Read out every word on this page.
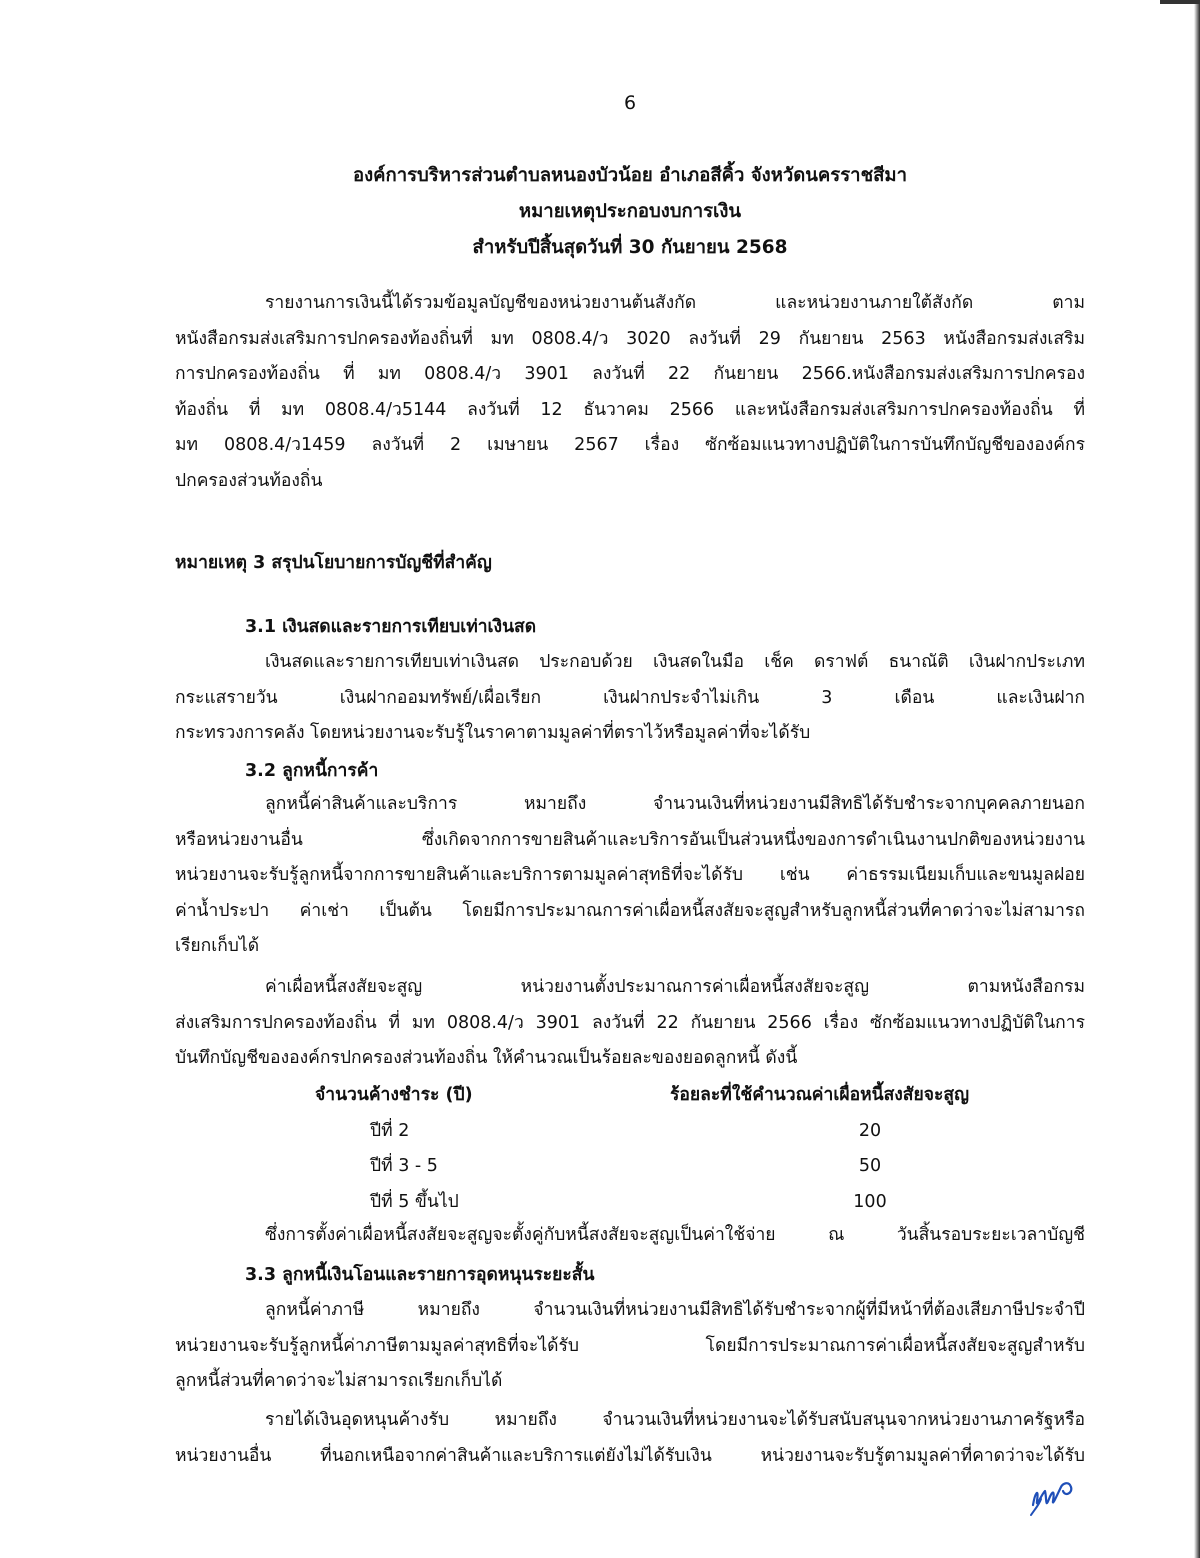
6
องค์การบริหารส่วนตำบลหนองบัวน้อย อำเภอสีคิ้ว จังหวัดนครราชสีมา
หมายเหตุประกอบงบการเงิน
สำหรับปีสิ้นสุดวันที่ 30 กันยายน 2568
รายงานการเงินนี้ได้รวมข้อมูลบัญชีของหน่วยงานต้นสังกัด และหน่วยงานภายใต้สังกัด ตาม
หนังสือกรมส่งเสริมการปกครองท้องถิ่นที่ มท 0808.4/ว 3020 ลงวันที่ 29 กันยายน 2563 หนังสือกรมส่งเสริม
การปกครองท้องถิ่น ที่ มท 0808.4/ว 3901 ลงวันที่ 22 กันยายน 2566.หนังสือกรมส่งเสริมการปกครอง
ท้องถิ่น ที่ มท 0808.4/ว5144 ลงวันที่ 12 ธันวาคม 2566 และหนังสือกรมส่งเสริมการปกครองท้องถิ่น ที่
มท 0808.4/ว1459 ลงวันที่ 2 เมษายน 2567 เรื่อง ซักซ้อมแนวทางปฏิบัติในการบันทึกบัญชีขององค์กร
ปกครองส่วนท้องถิ่น
หมายเหตุ 3 สรุปนโยบายการบัญชีที่สำคัญ
3.1 เงินสดและรายการเทียบเท่าเงินสด
เงินสดและรายการเทียบเท่าเงินสด ประกอบด้วย เงินสดในมือ เช็ค ดราฟต์ ธนาณัติ เงินฝากประเภท
กระแสรายวัน เงินฝากออมทรัพย์/เผื่อเรียก เงินฝากประจำไม่เกิน 3 เดือน และเงินฝาก
กระทรวงการคลัง โดยหน่วยงานจะรับรู้ในราคาตามมูลค่าที่ตราไว้หรือมูลค่าที่จะได้รับ
3.2 ลูกหนี้การค้า
ลูกหนี้ค่าสินค้าและบริการ หมายถึง จำนวนเงินที่หน่วยงานมีสิทธิได้รับชำระจากบุคคลภายนอก
หรือหน่วยงานอื่น ซึ่งเกิดจากการขายสินค้าและบริการอันเป็นส่วนหนึ่งของการดำเนินงานปกติของหน่วยงาน
หน่วยงานจะรับรู้ลูกหนี้จากการขายสินค้าและบริการตามมูลค่าสุทธิที่จะได้รับ เช่น ค่าธรรมเนียมเก็บและขนมูลฝอย
ค่าน้ำประปา ค่าเช่า เป็นต้น โดยมีการประมาณการค่าเผื่อหนี้สงสัยจะสูญสำหรับลูกหนี้ส่วนที่คาดว่าจะไม่สามารถ
เรียกเก็บได้
ค่าเผื่อหนี้สงสัยจะสูญ หน่วยงานตั้งประมาณการค่าเผื่อหนี้สงสัยจะสูญ ตามหนังสือกรม
ส่งเสริมการปกครองท้องถิ่น ที่ มท 0808.4/ว 3901 ลงวันที่ 22 กันยายน 2566 เรื่อง ซักซ้อมแนวทางปฏิบัติในการ
บันทึกบัญชีขององค์กรปกครองส่วนท้องถิ่น ให้คำนวณเป็นร้อยละของยอดลูกหนี้ ดังนี้
จำนวนค้างชำระ (ปี)	ร้อยละที่ใช้คำนวณค่าเผื่อหนี้สงสัยจะสูญ
ปีที่ 2	20
ปีที่ 3 - 5	50
ปีที่ 5 ขึ้นไป	100
ซึ่งการตั้งค่าเผื่อหนี้สงสัยจะสูญจะตั้งคู่กับหนี้สงสัยจะสูญเป็นค่าใช้จ่าย ณ วันสิ้นรอบระยะเวลาบัญชี
3.3 ลูกหนี้เงินโอนและรายการอุดหนุนระยะสั้น
ลูกหนี้ค่าภาษี หมายถึง จำนวนเงินที่หน่วยงานมีสิทธิได้รับชำระจากผู้ที่มีหน้าที่ต้องเสียภาษีประจำปี
หน่วยงานจะรับรู้ลูกหนี้ค่าภาษีตามมูลค่าสุทธิที่จะได้รับ โดยมีการประมาณการค่าเผื่อหนี้สงสัยจะสูญสำหรับ
ลูกหนี้ส่วนที่คาดว่าจะไม่สามารถเรียกเก็บได้
รายได้เงินอุดหนุนค้างรับ หมายถึง จำนวนเงินที่หน่วยงานจะได้รับสนับสนุนจากหน่วยงานภาครัฐหรือ
หน่วยงานอื่น ที่นอกเหนือจากค่าสินค้าและบริการแต่ยังไม่ได้รับเงิน หน่วยงานจะรับรู้ตามมูลค่าที่คาดว่าจะได้รับ
